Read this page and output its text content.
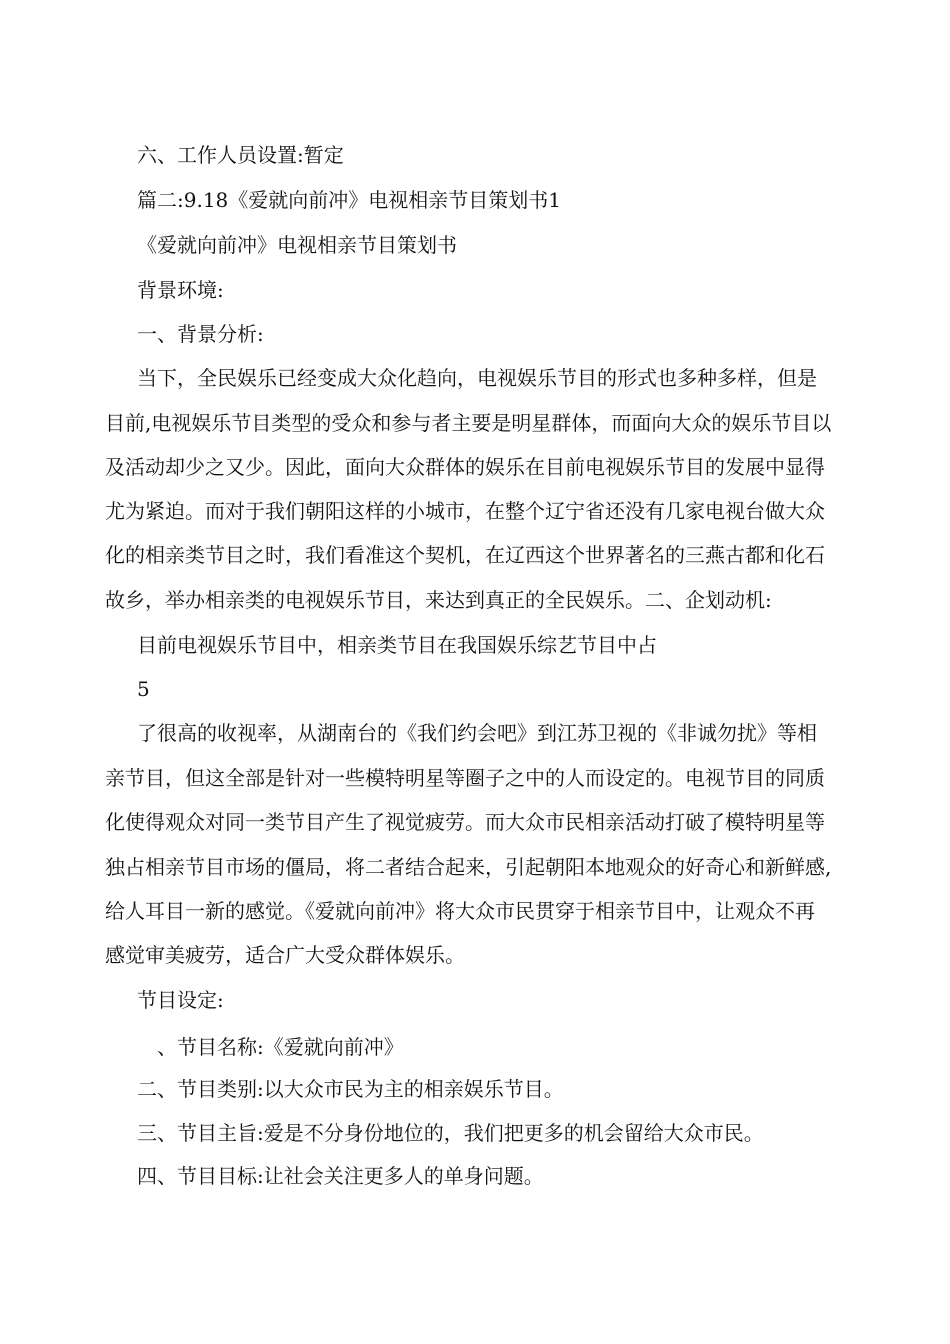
六、工作人员设置:暂定
篇二:9.18《爱就向前冲》电视相亲节目策划书1
《爱就向前冲》电视相亲节目策划书
背景环境:
一、背景分析:
当下，全民娱乐已经变成大众化趋向，电视娱乐节目的形式也多种多样，但是
目前,电视娱乐节目类型的受众和参与者主要是明星群体，而面向大众的娱乐节目以
及活动却少之又少。因此，面向大众群体的娱乐在目前电视娱乐节目的发展中显得
尤为紧迫。而对于我们朝阳这样的小城市，在整个辽宁省还没有几家电视台做大众
化的相亲类节目之时，我们看准这个契机，在辽西这个世界著名的三燕古都和化石
故乡，举办相亲类的电视娱乐节目，来达到真正的全民娱乐。二、企划动机:
目前电视娱乐节目中，相亲类节目在我国娱乐综艺节目中占
5
了很高的收视率，从湖南台的《我们约会吧》到江苏卫视的《非诚勿扰》等相
亲节目，但这全部是针对一些模特明星等圈子之中的人而设定的。电视节目的同质
化使得观众对同一类节目产生了视觉疲劳。而大众市民相亲活动打破了模特明星等
独占相亲节目市场的僵局，将二者结合起来，引起朝阳本地观众的好奇心和新鲜感,
给人耳目一新的感觉。《爱就向前冲》将大众市民贯穿于相亲节目中，让观众不再
感觉审美疲劳，适合广大受众群体娱乐。
节目设定:
、节目名称:《爱就向前冲》
二、节目类别:以大众市民为主的相亲娱乐节目。
三、节目主旨:爱是不分身份地位的，我们把更多的机会留给大众市民。
四、节目目标:让社会关注更多人的单身问题。
